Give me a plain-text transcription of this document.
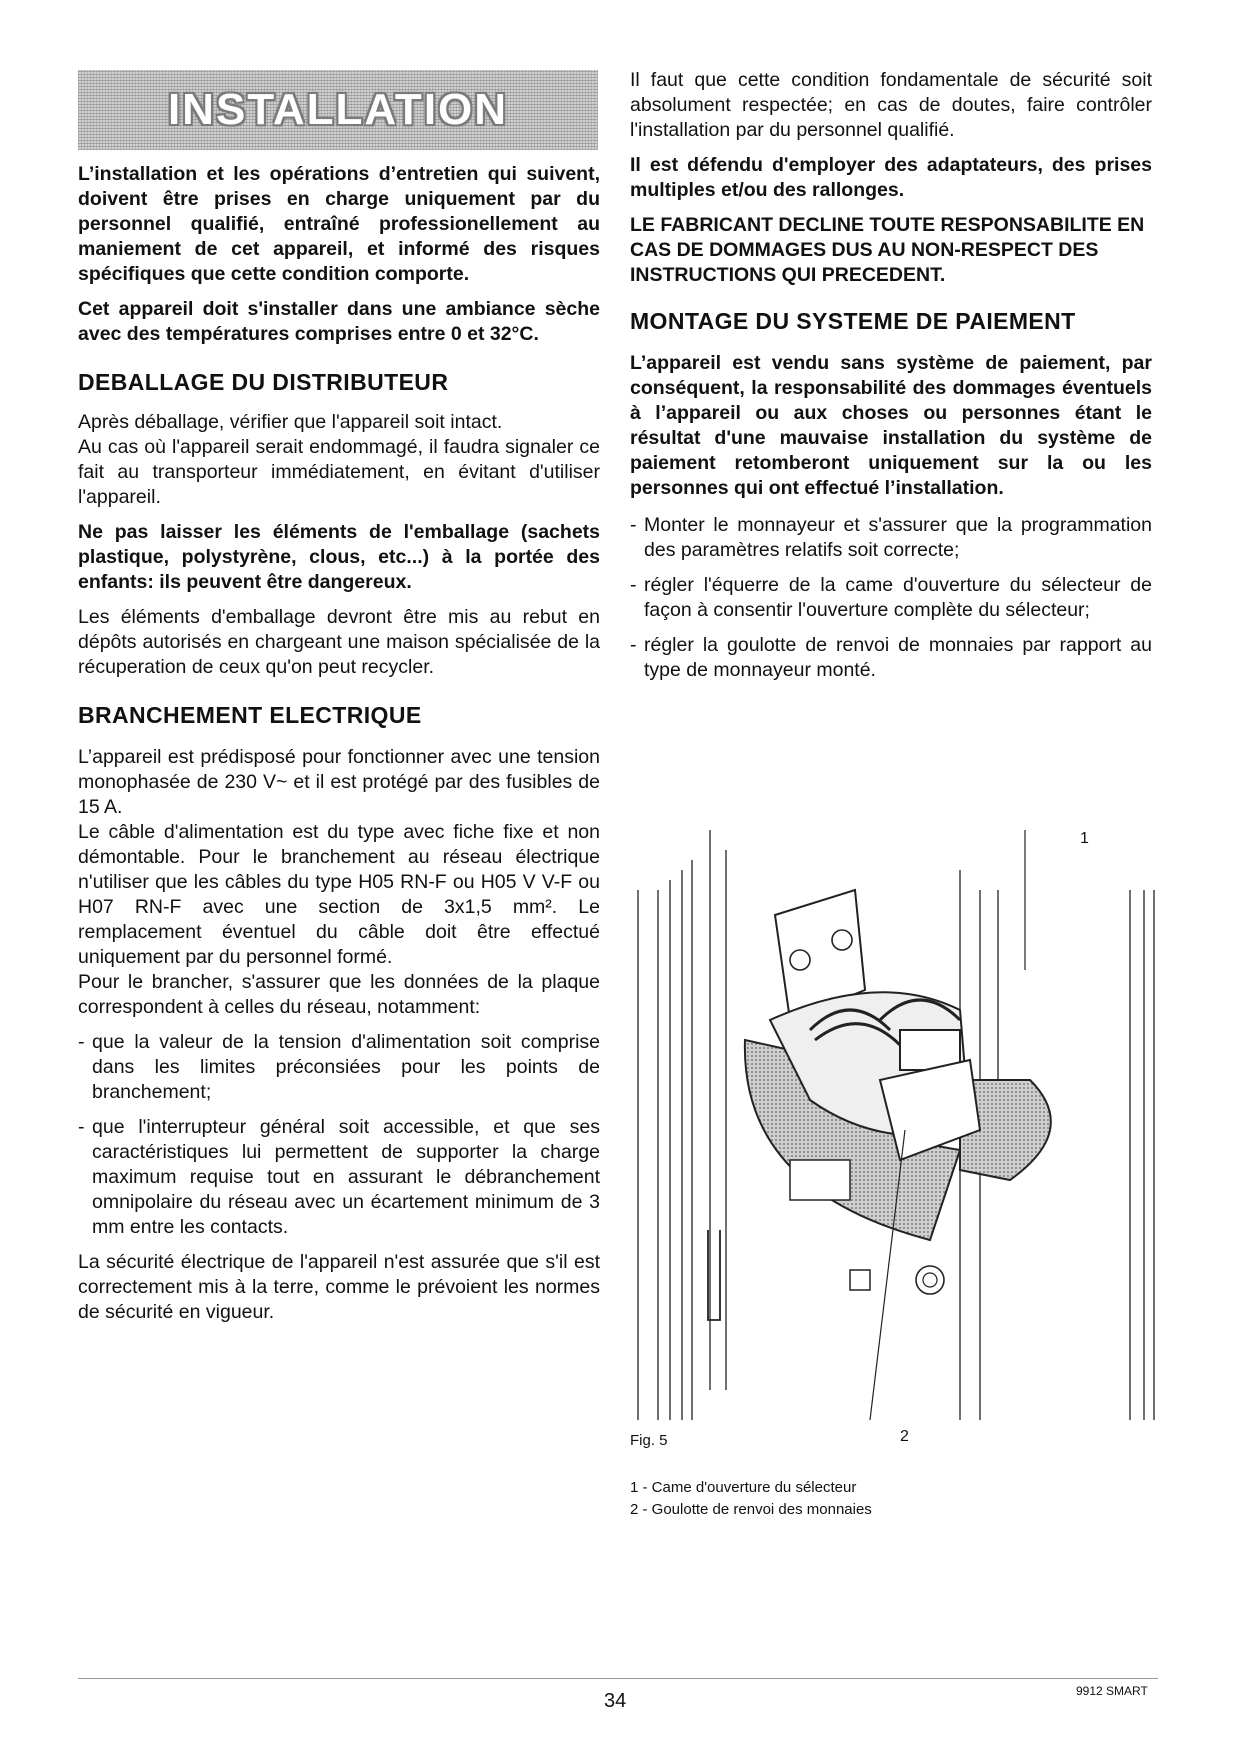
INSTALLATION

L’installation et les opérations d’entretien qui suivent, doivent être prises en charge uniquement par du personnel qualifié, entraîné professionellement au maniement de cet appareil, et informé des risques spécifiques que cette condition comporte.

Cet appareil doit s'installer dans une ambiance sèche avec des températures comprises entre 0 et 32°C.

DEBALLAGE DU DISTRIBUTEUR

Après déballage, vérifier que l'appareil soit intact.

Au cas où l'appareil serait endommagé, il faudra signaler ce fait au transporteur immédiatement, en évitant d'utiliser l'appareil.

Ne pas laisser les éléments de l'emballage (sachets plastique, polystyrène, clous, etc...) à la portée des enfants: ils peuvent être dangereux.

Les éléments d'emballage devront être mis au rebut en dépôts autorisés en chargeant une maison spécialisée de la récuperation de ceux qu'on peut recycler.

BRANCHEMENT ELECTRIQUE

L’appareil est prédisposé pour fonctionner avec une tension monophasée de 230 V~ et il est protégé par des fusibles de 15 A.

Le câble d'alimentation est du type avec fiche fixe et non démontable. Pour le branchement au réseau électrique n'utiliser que les câbles du type H05 RN-F ou H05 V V-F ou H07 RN-F avec une section de 3x1,5 mm². Le remplacement éventuel du câble doit être effectué uniquement par du personnel formé.

Pour le brancher, s'assurer que les données de la plaque correspondent à celles du réseau, notamment:

- que la valeur de la tension d'alimentation soit comprise dans les limites préconsiées pour les points de branchement;
- que l'interrupteur général soit accessible, et que ses caractéristiques lui permettent de supporter la charge maximum requise tout en assurant le débranchement omnipolaire du réseau avec un écartement minimum de 3 mm entre les contacts.

La sécurité électrique de l'appareil n'est assurée que s'il est correctement mis à la terre, comme le prévoient les normes de sécurité en vigueur.

Il faut que cette condition fondamentale de sécurité soit absolument respectée; en cas de doutes, faire contrôler l'installation par du personnel qualifié.

Il est défendu d'employer des adaptateurs, des prises multiples et/ou des rallonges.

LE FABRICANT DECLINE TOUTE RESPONSABILITE EN CAS DE DOMMAGES DUS AU NON-RESPECT DES INSTRUCTIONS QUI PRECEDENT.

MONTAGE DU SYSTEME DE PAIEMENT

L’appareil est vendu sans système de paiement, par conséquent, la responsabilité des dommages éventuels à l’appareil ou aux choses ou personnes étant le résultat d'une mauvaise installation du système de paiement retomberont uniquement sur la ou les personnes qui ont effectué l’installation.

- Monter le monnayeur et s'assurer que la programmation des paramètres relatifs soit correcte;
- régler l'équerre de la came d'ouverture du sélecteur de façon à consentir l'ouverture complète du sélecteur;
- régler la goulotte de renvoi de monnaies par rapport au type de monnayeur monté.
1
2
Fig. 5
1 - Came d'ouverture du sélecteur
2 - Goulotte de renvoi des monnaies
34	9912 SMART
